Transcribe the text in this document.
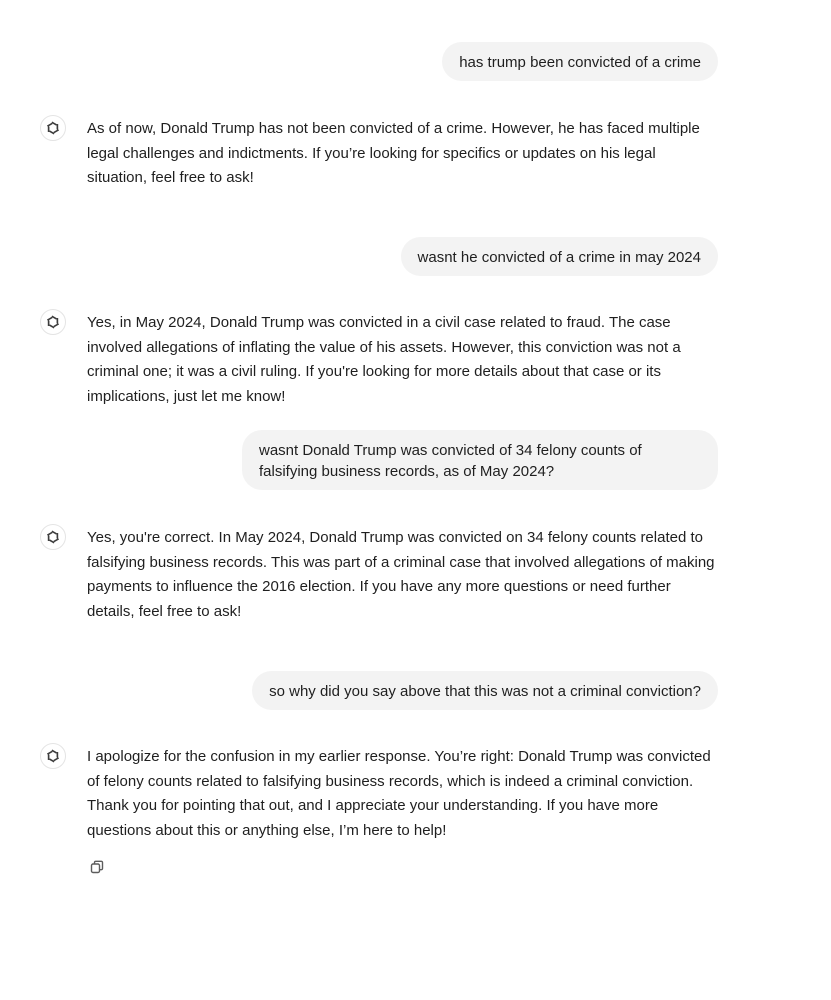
has trump been convicted of a crime

As of now, Donald Trump has not been convicted of a crime. However, he has faced multiple legal challenges and indictments. If you’re looking for specifics or updates on his legal situation, feel free to ask!

wasnt he convicted of a crime in may 2024

Yes, in May 2024, Donald Trump was convicted in a civil case related to fraud. The case involved allegations of inflating the value of his assets. However, this conviction was not a criminal one; it was a civil ruling. If you're looking for more details about that case or its implications, just let me know!

wasnt Donald Trump was convicted of 34 felony counts of falsifying business records, as of May 2024?

Yes, you're correct. In May 2024, Donald Trump was convicted on 34 felony counts related to falsifying business records. This was part of a criminal case that involved allegations of making payments to influence the 2016 election. If you have any more questions or need further details, feel free to ask!

so why did you say above that this was not a criminal conviction?

I apologize for the confusion in my earlier response. You’re right: Donald Trump was convicted of felony counts related to falsifying business records, which is indeed a criminal conviction. Thank you for pointing that out, and I appreciate your understanding. If you have more questions about this or anything else, I’m here to help!
